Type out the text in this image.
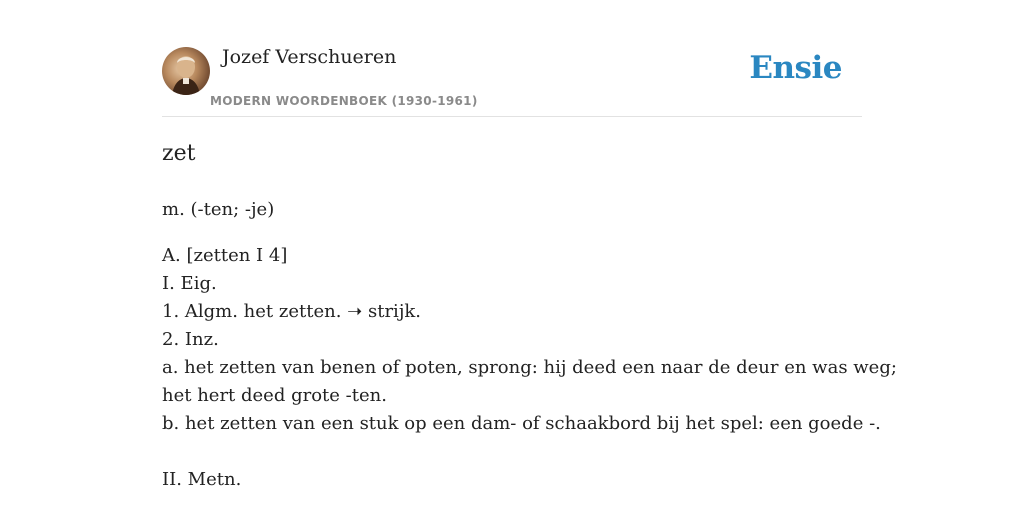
Jozef Verschueren
MODERN WOORDENBOEK (1930-1961)
Ensie
zet
m. (-ten; -je)
A. [zetten I 4]
I. Eig.
1. Algm. het zetten. ➝ strijk.
2. Inz.
a. het zetten van benen of poten, sprong: hij deed een naar de deur en was weg;
het hert deed grote -ten.
b. het zetten van een stuk op een dam- of schaakbord bij het spel: een goede -.
II. Metn.
